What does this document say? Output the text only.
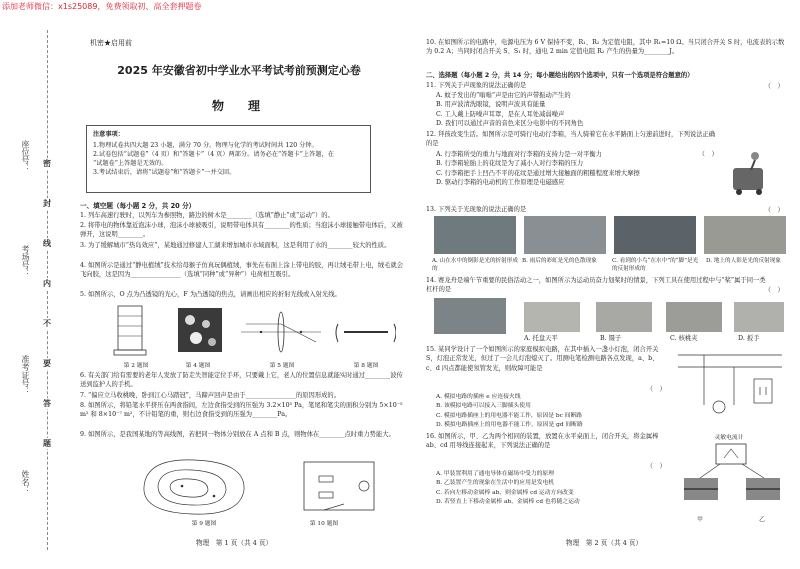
添加老师微信：x1s25089，免费领取初、高全套押题卷
座位号：
考场号：
准考证号：
姓名：
密
封
线
内
不
要
答
题
机密★启用前
2025 年安徽省初中学业水平考试考前预测定心卷
物　理
注意事项：
1.物理试卷共四大题 23 小题，满分 70 分。物理与化学的考试时间共 120 分钟。
2.试卷包括“试题卷”（4 页）和“答题卡”（4 页）两部分。请务必在“答题卡”上答题，在
“试题卷”上答题是无效的。
3.考试结束后，请将“试题卷”和“答题卡”一并交回。
一、填空题（每小题 2 分，共 20 分）
1. 列车高速行驶时，以列车为参照物，路边的树木是________（选填“静止”或“运动”）的。
2. 将带电的物体靠近泡沫小球，泡沫小球被吸引，说明带电体具有________的性质；当泡沫小球接触带电体后，又被弹开，这说明________。
3. 为了缓解城市“热岛效应”，某地通过修建人工湖来增加城市水域面积，这是利用了水的________较大的性质。
4. 如图所示是通过“静电植绒”技术给母猴子仿真玩偶植绒，事先在布面上涂上带电的胶，再让绒毛带上电，绒毛就会飞向胶，这是因为________________（选填“同种”或“异种”）电荷相互吸引。
5. 如图所示，O 点为凸透镜的光心，F 为凸透镜的焦点，请画出相应的折射光线或入射光线。
第 2 题图	第 4 题图	第 5 题图	第 8 题图
6. 有关部门给有需要的老年人发放了防走失智能定位手环，只要戴上它，老人的位置信息就能实时通过________波传送到监护人的手机。
7. “偏应立马收桃晚，卧到江心马踏冠”，马蹄声回声是由于________________的原因形成的。
8. 如图所示，将铅笔水平挤压在两食指间，左边食指受到的压强为 3.2×10⁵ Pa，笔尾和笔尖的面积分别为 5×10⁻⁵ m² 和 8×10⁻⁷ m²，不计铅笔的重，则右边食指受到的压强为________Pa。
9. 如图所示，是我国某地的等高线图，若把同一物体分别放在 A 点和 B 点，则物体在________点时重力势能大。
第 9 题图	第 10 题图
物理　第 1 页（共 4 页）
10. 在如图所示的电路中，电源电压为 6 V 保持不变，R₁、R₂ 为定值电阻，其中 R₁=10 Ω。当只闭合开关 S 时，电流表的示数为 0.2 A；当同时闭合开关 S、S₁ 时，通电 2 min 定值电阻 R₂ 产生的热量为________J。
二、选择题（每小题 2 分，共 14 分；每小题给出的四个选项中，只有一个选项是符合题意的）
11. 下列关于声现象的说法正确的是	（　）
A. 蚊子发出的“嗡嗡”声是由它的声带振动产生的
B. 用声波清洗眼镜，说明声波具有能量
C. 工人戴上防噪声耳罩，是在人耳处减弱噪声
D. 我们可以通过声音的音色来区分电影中的不同角色
12. 拜孩改变生活。如图所示是可骑行电动行李箱，当人骑着它在水平路面上匀速前进时，下列说法正确的是
（　）
A. 行李箱所受的重力与地面对行李箱的支持力是一对平衡力
B. 行李箱轮胎上的花纹是为了减小人对行李箱的压力
C. 行李箱把手上凹凸不平的花纹是通过增大接触面的粗糙程度来增大摩擦
D. 驱动行李箱的电动机的工作原理是电磁感应
13. 下列关于光现象的说法正确的是	（　）
A. 山在水中的倒影是光的折射形成的
B. 雨后的彩虹是光的色散现象	C. 看到的小鸟“在水中”的“脚”是光的反射形成的
D. 地上的人影是光的反射现象
14. 赛龙舟是端午节重要的民俗活动之一，如图所示为运动员奋力划桨时的情景，下列工具在使用过程中与“桨”属于同一类杠杆的是	（　）
A. 托盘天平	B. 镊子	C. 核桃夹	D. 扳手
15. 某同学设计了一个如图所示的家庭模拟电路，在其中插入一盏小灯泡，闭合开关 S，灯泡正常发光，但过了一会儿灯泡熄灭了。用测电笔检测电路各点发现，a、b、c、d 四点都能使氖管发光，则故障可能是
（　）
A. 模拟电路的插座 e 应连接火线
B. 该模拟电路可以接入三脚插头使用
C. 模拟电路插座上的用电器不能工作，原因是 bc 间断路
D. 模拟电路插座上的用电器不能工作，原因是 gd 间断路
16. 如图所示，甲、乙为两个相同的装置，放置在水平桌面上，闭合开关，将金属棒 ab、cd 用导线连接起来，下列说法正确的是
（　）
A. 甲装置利用了通电导体在磁场中受力的原理
B. 乙装置产生的现象在生活中的应用是发电机
C. 若向左移动金属棒 ab，则金属棒 cd 运动方向改变
D. 若竖直上下移动金属棒 ab，金属棒 cd 也将随之运动
灵敏电流计
甲	乙
物理　第 2 页（共 4 页）
